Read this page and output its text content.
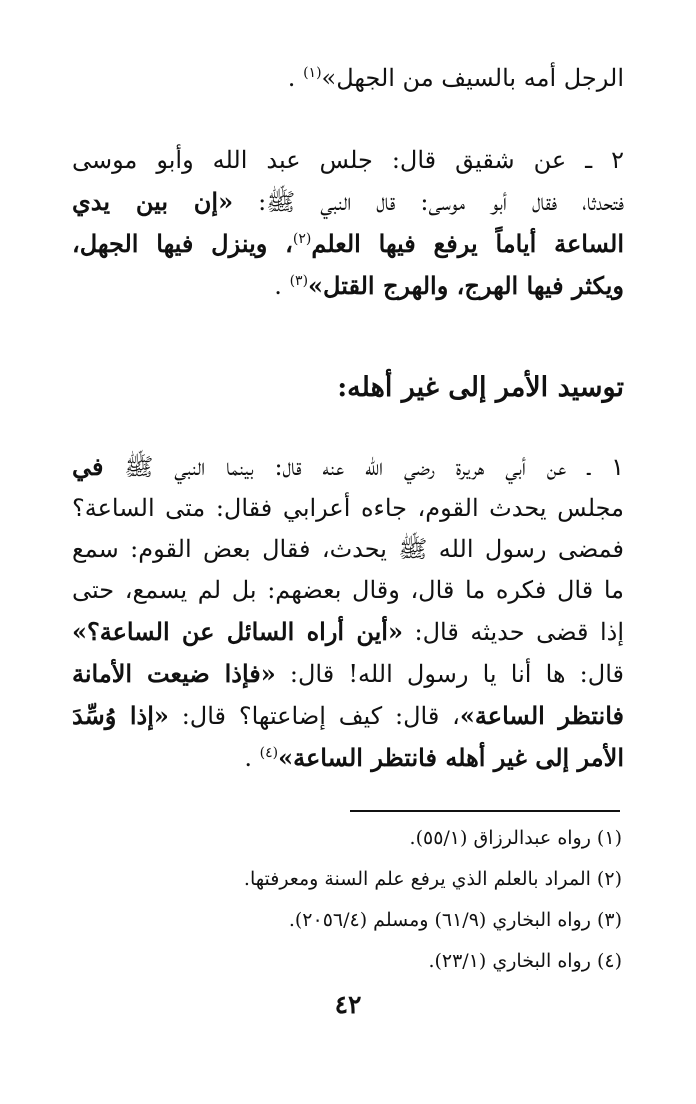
الرجل أمه بالسيف من الجهل»$^{(١)}$ .
٢ ـ عن شقيق قال: جلس عبد الله وأبو موسى
فتحدثا، فقال أبو موسى: قال النبي ﷺ: «إن بين يدي
الساعة أياماً يرفع فيها العلم$^{(٢)}$، وينزل فيها الجهل،
ويكثر فيها الهرج، والهرج القتل»$^{(٣)}$ .
توسيد الأمر إلى غير أهله:
١ ـ عن أبي هريرة رضي الله عنه قال: بينما النبي ﷺ في
مجلس يحدث القوم، جاءه أعرابي فقال: متى الساعة؟
فمضى رسول الله ﷺ يحدث، فقال بعض القوم: سمع
ما قال فكره ما قال، وقال بعضهم: بل لم يسمع، حتى
إذا قضى حديثه قال: «أين أراه السائل عن الساعة؟»
قال: ها أنا يا رسول الله! قال: «فإذا ضيعت الأمانة
فانتظر الساعة»، قال: كيف إضاعتها؟ قال: «إذا وُسِّدَ
الأمر إلى غير أهله فانتظر الساعة»$^{(٤)}$ .
(١) رواه عبدالرزاق (٥٥/١).
(٢) المراد بالعلم الذي يرفع علم السنة ومعرفتها.
(٣) رواه البخاري (٦١/٩) ومسلم (٢٠٥٦/٤).
(٤) رواه البخاري (٢٣/١).
٤٢
